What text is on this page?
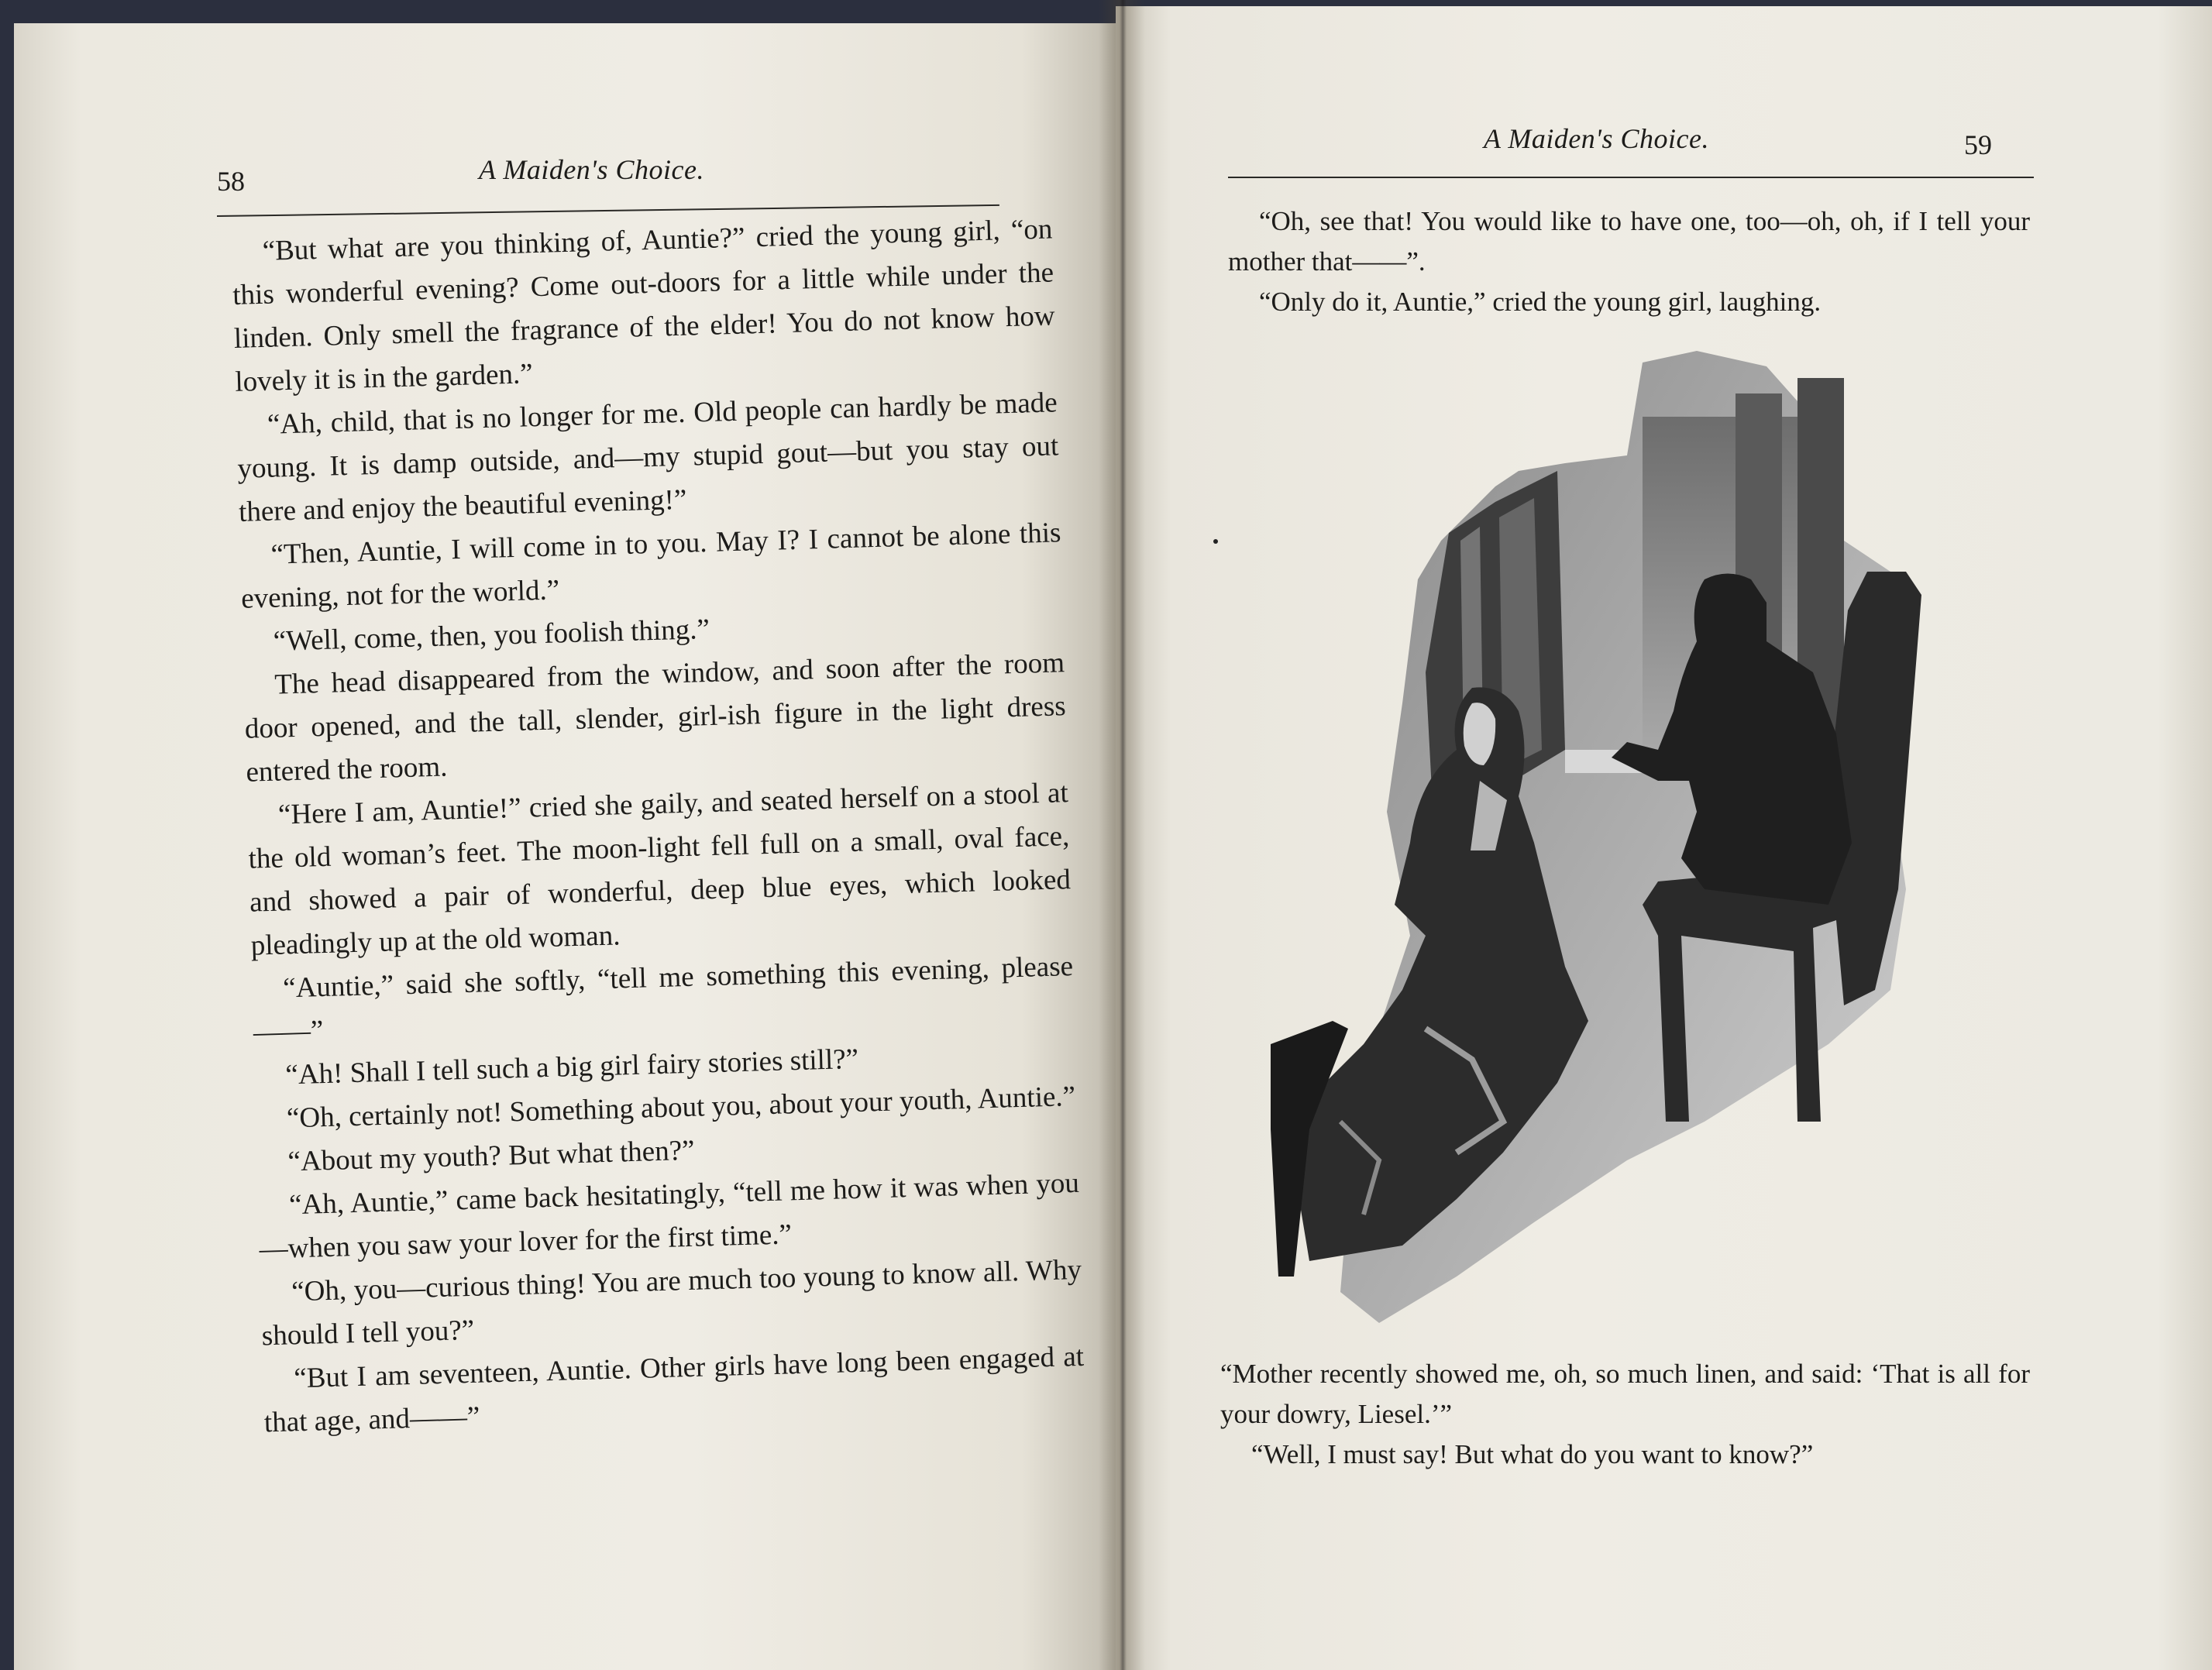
58	A Maiden's Choice.

“But what are you thinking of, Auntie?” cried the young girl, “on this wonderful evening? Come out-doors for a little while under the linden. Only smell the fragrance of the elder! You do not know how lovely it is in the garden.”

“Ah, child, that is no longer for me. Old people can hardly be made young. It is damp outside, and—my stupid gout—but you stay out there and enjoy the beautiful evening!”

“Then, Auntie, I will come in to you. May I? I cannot be alone this evening, not for the world.”

“Well, come, then, you foolish thing.”

The head disappeared from the window, and soon after the room door opened, and the tall, slender, girl-ish figure in the light dress entered the room.

“Here I am, Auntie!” cried she gaily, and seated herself on a stool at the old woman’s feet. The moon-light fell full on a small, oval face, and showed a pair of wonderful, deep blue eyes, which looked pleadingly up at the old woman.

“Auntie,” said she softly, “tell me something this evening, please——”

“Ah! Shall I tell such a big girl fairy stories still?”

“Oh, certainly not! Something about you, about your youth, Auntie.”

“About my youth? But what then?”

“Ah, Auntie,” came back hesitatingly, “tell me how it was when you—when you saw your lover for the first time.”

“Oh, you—curious thing! You are much too young to know all. Why should I tell you?”

“But I am seventeen, Auntie. Other girls have long been engaged at that age, and——”

A Maiden's Choice.	59

“Oh, see that! You would like to have one, too—oh, oh, if I tell your mother that——”.

“Only do it, Auntie,” cried the young girl, laughing.

“Mother recently showed me, oh, so much linen, and said: ‘That is all for your dowry, Liesel.’”

“Well, I must say! But what do you want to know?”
